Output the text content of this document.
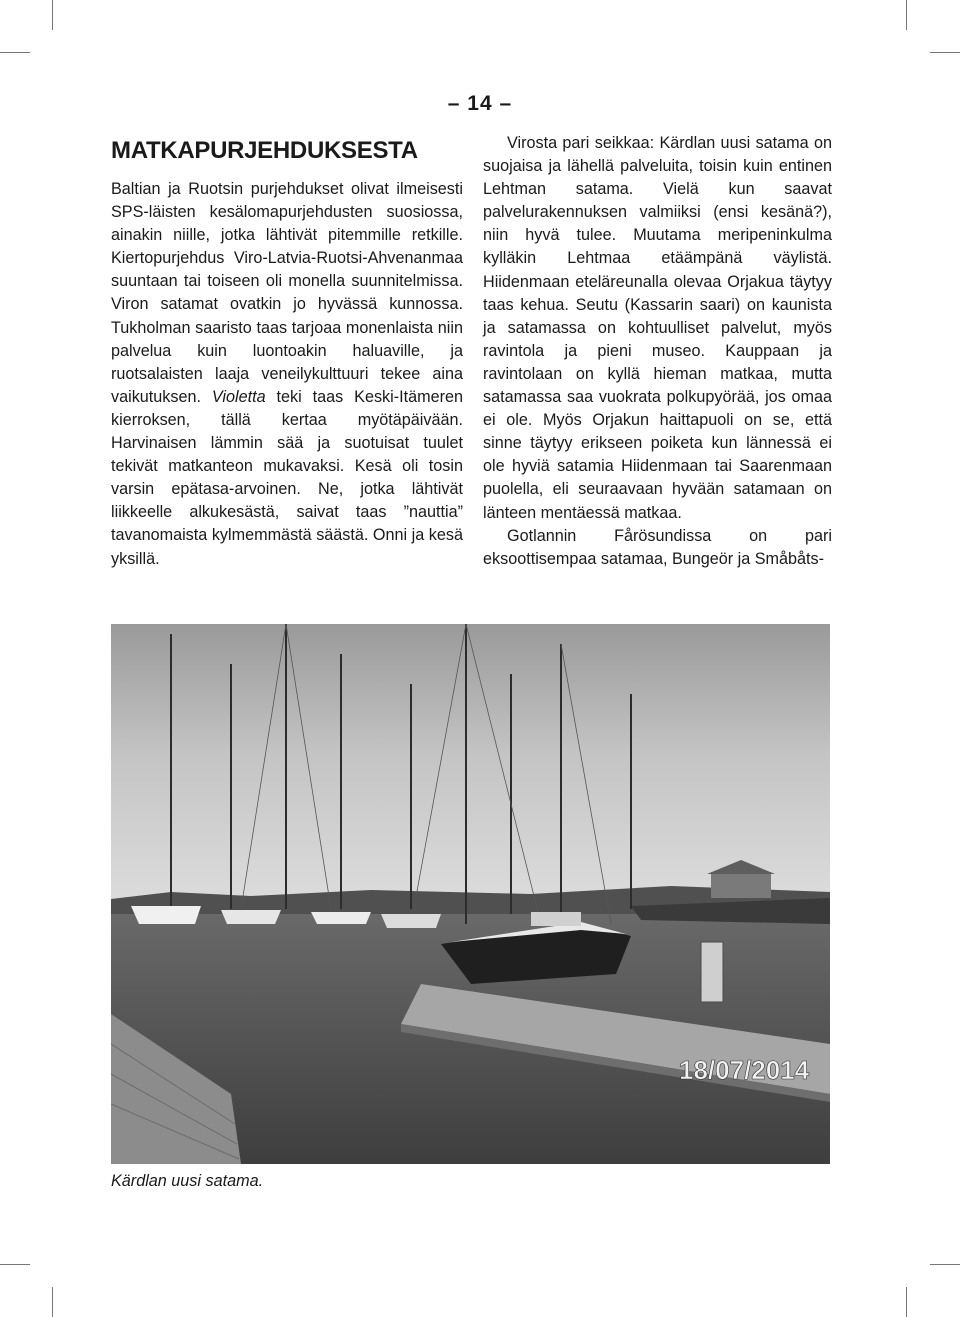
– 14 –
MATKAPURJEHDUKSESTA

Baltian ja Ruotsin purjehdukset olivat ilmeisesti SPS-läisten kesälomapurjehdusten suosiossa, ainakin niille, jotka lähtivät pitemmille retkille. Kiertopurjehdus Viro-Latvia-Ruotsi-Ahvenanmaa suuntaan tai toiseen oli monella suunnitelmissa. Viron satamat ovatkin jo hyvässä kunnossa. Tukholman saaristo taas tarjoaa monenlaista niin palvelua kuin luontoakin haluaville, ja ruotsalaisten laaja veneilykulttuuri tekee aina vaikutuksen. Violetta teki taas Keski-Itämeren kierroksen, tällä kertaa myötäpäivään. Harvinaisen lämmin sää ja suotuisat tuulet tekivät matkanteon mukavaksi. Kesä oli tosin varsin epätasa-arvoinen. Ne, jotka lähtivät liikkeelle alkukesästä, saivat taas ”nauttia” tavanomaista kylmemmästä säästä. Onni ja kesä yksillä.

Virosta pari seikkaa: Kärdlan uusi satama on suojaisa ja lähellä palveluita, toisin kuin entinen Lehtman satama. Vielä kun saavat palvelurakennuksen valmiiksi (ensi kesänä?), niin hyvä tulee. Muutama meripeninkulma kylläkin Lehtmaa etäämpänä väylistä. Hiidenmaan eteläreunalla olevaa Orjakua täytyy taas kehua. Seutu (Kassarin saari) on kaunista ja satamassa on kohtuulliset palvelut, myös ravintola ja pieni museo. Kauppaan ja ravintolaan on kyllä hieman matkaa, mutta satamassa saa vuokrata polkupyörää, jos omaa ei ole. Myös Orjakun haittapuoli on se, että sinne täytyy erikseen poiketa kun lännessä ei ole hyviä satamia Hiidenmaan tai Saarenmaan puolella, eli seuraavaan hyvään satamaan on länteen mentäessä matkaa.

Gotlannin Fårösundissa on pari eksoottisempaa satamaa, Bungeör ja Småbåts-

18/07/2014
Kärdlan uusi satama.
